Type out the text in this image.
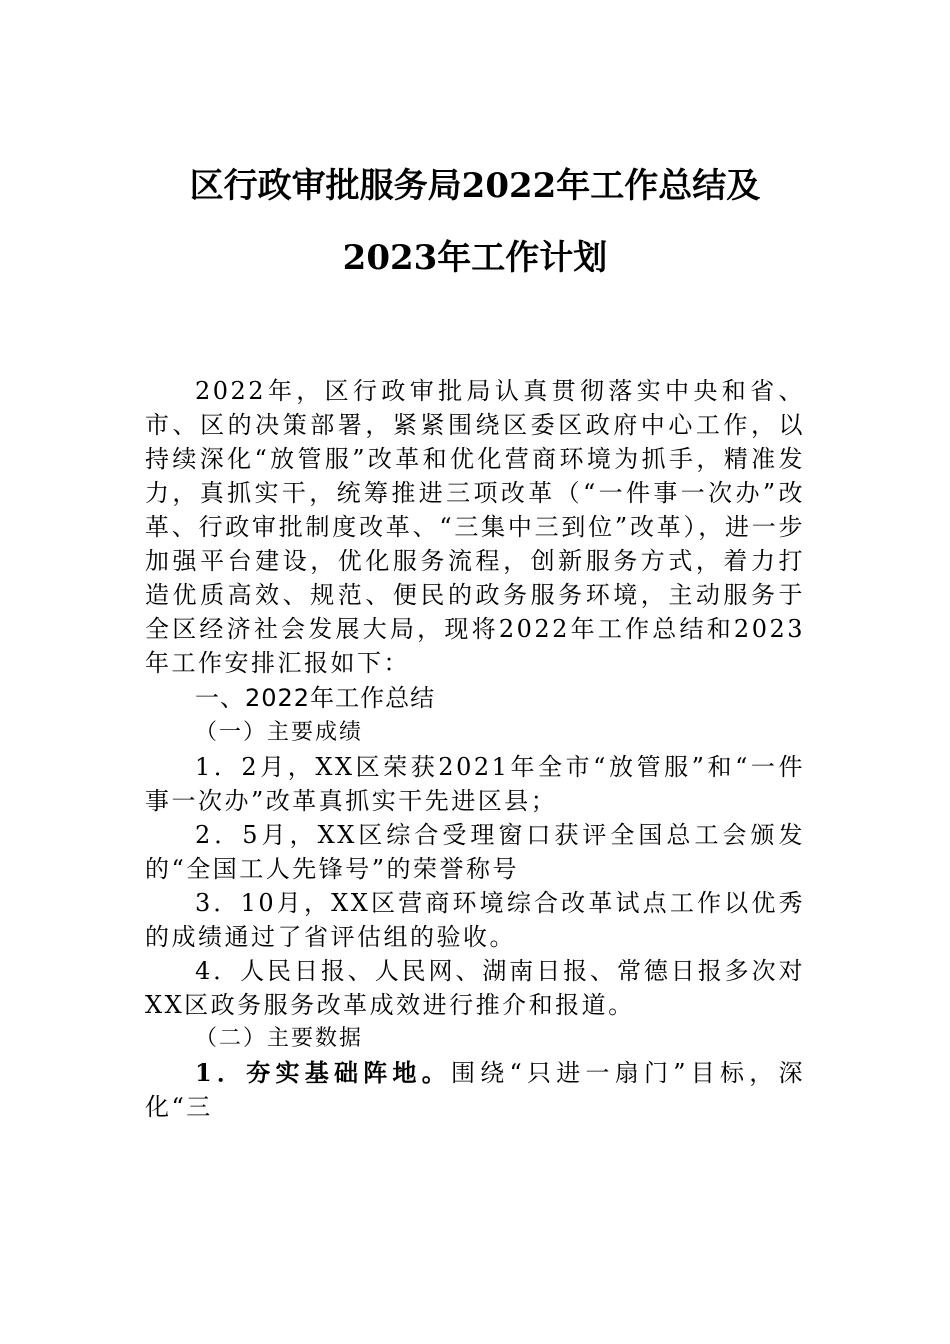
区行政审批服务局2022年工作总结及2023年工作计划

2022年，区行政审批局认真贯彻落实中央和省、市、区的决策部署，紧紧围绕区委区政府中心工作，以持续深化“放管服”改革和优化营商环境为抓手，精准发力，真抓实干，统筹推进三项改革（“一件事一次办”改革、行政审批制度改革、“三集中三到位”改革），进一步加强平台建设，优化服务流程，创新服务方式，着力打造优质高效、规范、便民的政务服务环境，主动服务于全区经济社会发展大局，现将2022年工作总结和2023年工作安排汇报如下：

一、2022年工作总结

（一）主要成绩

1．2月，XX区荣获2021年全市“放管服”和“一件事一次办”改革真抓实干先进区县；

2．5月，XX区综合受理窗口获评全国总工会颁发的“全国工人先锋号”的荣誉称号

3．10月，XX区营商环境综合改革试点工作以优秀的成绩通过了省评估组的验收。

4．人民日报、人民网、湖南日报、常德日报多次对XX区政务服务改革成效进行推介和报道。

（二）主要数据

1．夯实基础阵地。围绕“只进一扇门”目标，深化“三
